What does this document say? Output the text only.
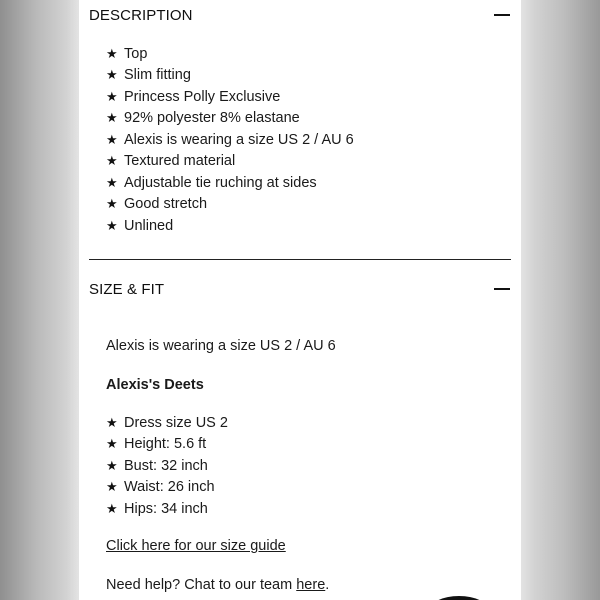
DESCRIPTION
★ Top
★ Slim fitting
★ Princess Polly Exclusive
★ 92% polyester 8% elastane
★ Alexis is wearing a size US 2 / AU 6
★ Textured material
★ Adjustable tie ruching at sides
★ Good stretch
★ Unlined
SIZE & FIT
Alexis is wearing a size US 2 / AU 6
Alexis's Deets
★ Dress size US 2
★ Height: 5.6 ft
★ Bust: 32 inch
★ Waist: 26 inch
★ Hips: 34 inch
Click here for our size guide
Need help? Chat to our team here.
